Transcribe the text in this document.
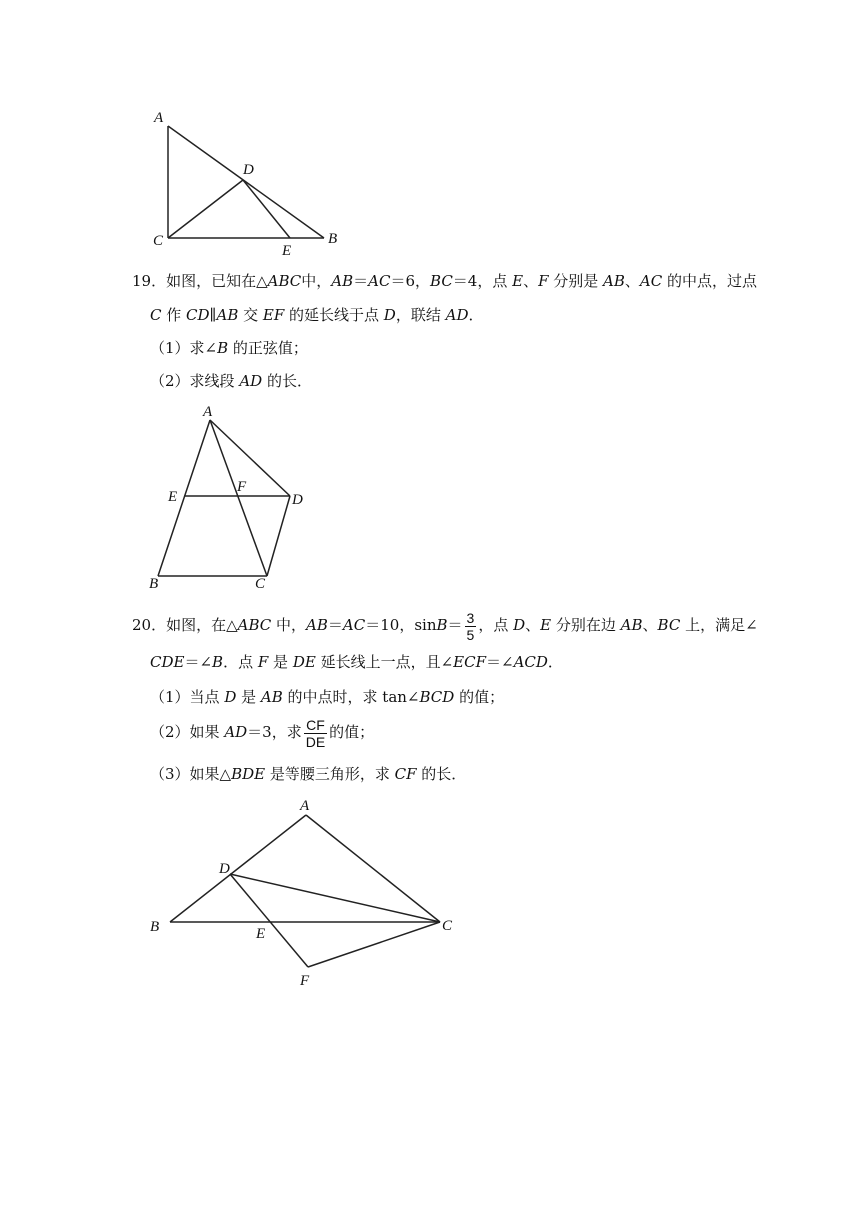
A
D
C
E
B
19．如图，已知在△ABC中，AB＝AC＝6，BC＝4，点 E、F 分别是 AB、AC 的中点，过点
C 作 CD∥AB 交 EF 的延长线于点 D，联结 AD．
（1）求∠B 的正弦值；
（2）求线段 AD 的长．
A
E
F
D
B	C
20．如图，在△ABC 中，AB＝AC＝10，$\sin B= \frac{3}{5}$ ，点 D、E 分别在边 AB、BC 上，满足∠
CDE＝∠B．点 F 是 DE 延长线上一点，且∠ECF＝∠ACD．
（1）当点 D 是 AB 的中点时，求 tan∠BCD 的值；
（2）如果 AD＝3，求 $\frac{CF}{DE}$ 的值；
（3）如果△BDE 是等腰三角形，求 CF 的长．
A
D
B	E	C
F
